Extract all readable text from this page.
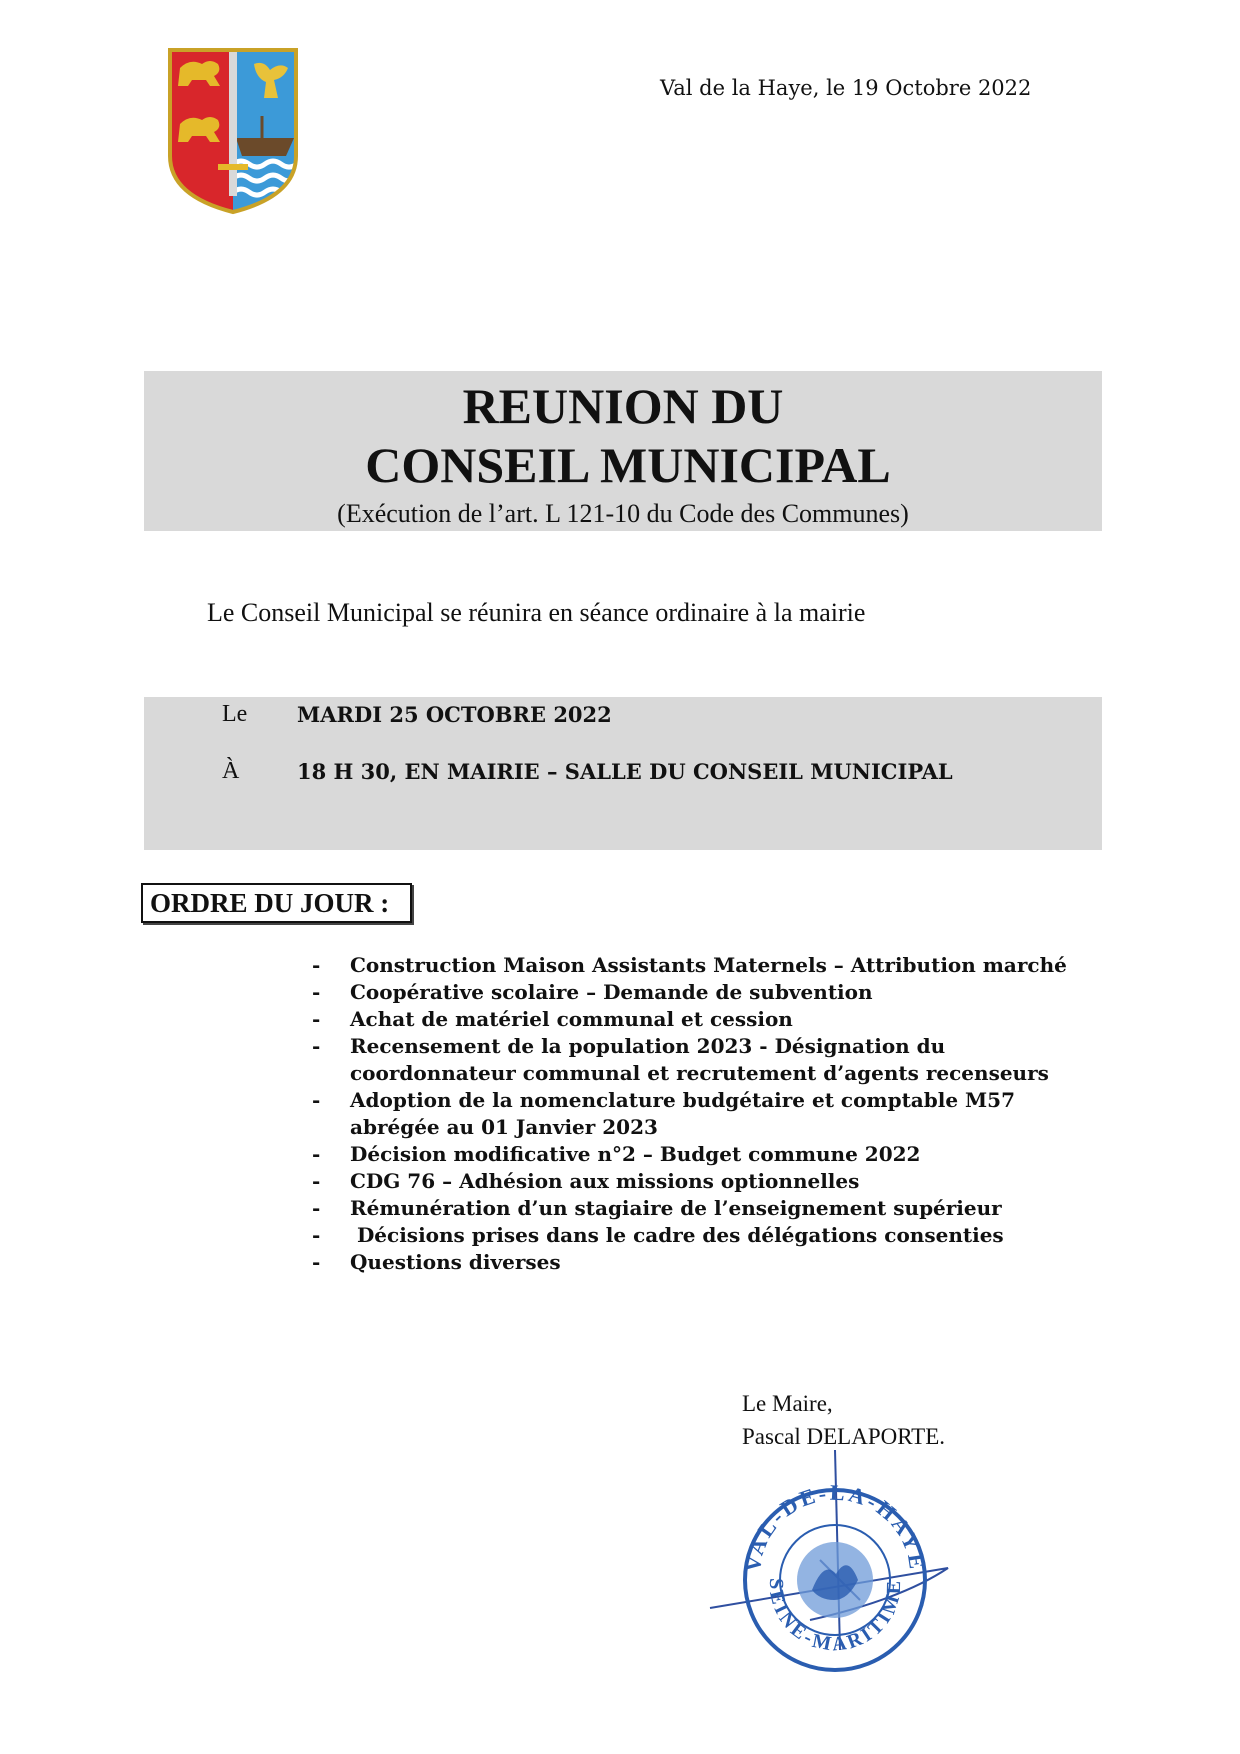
Val de la Haye, le 19 Octobre 2022
REUNION DU
CONSEIL MUNICIPAL
(Exécution de l’art. L 121-10 du Code des Communes)
Le Conseil Municipal se réunira en séance ordinaire à la mairie
Le MARDI 25 OCTOBRE 2022
À	18 H 30, EN MAIRIE – SALLE DU CONSEIL MUNICIPAL
ORDRE DU JOUR :
- Construction Maison Assistants Maternels – Attribution marché
- Coopérative scolaire – Demande de subvention
- Achat de matériel communal et cession
- Recensement de la population 2023 - Désignation du coordonnateur communal et recrutement d’agents recenseurs
- Adoption de la nomenclature budgétaire et comptable M57 abrégée au 01 Janvier 2023
- Décision modificative n°2 – Budget commune 2022
- CDG 76 – Adhésion aux missions optionnelles
- Rémunération d’un stagiaire de l’enseignement supérieur
- Décisions prises dans le cadre des délégations consenties
- Questions diverses
Le Maire,
Pascal DELAPORTE.
VAL-DE-LA-HAYE
SEINE-MARITIME
